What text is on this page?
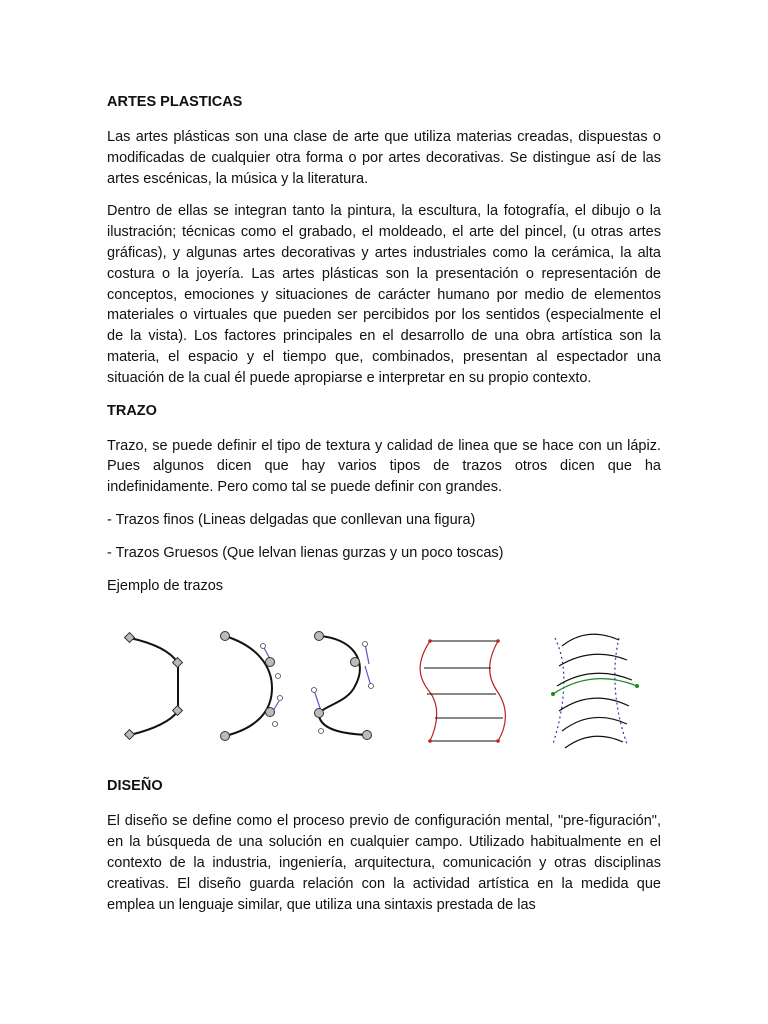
ARTES PLASTICAS

Las artes plásticas son una clase de arte que utiliza materias creadas, dispuestas o modificadas de cualquier otra forma o por artes decorativas. Se distingue así de las artes escénicas, la música y la literatura.

Dentro de ellas se integran tanto la pintura, la escultura, la fotografía, el dibujo o la ilustración; técnicas como el grabado, el moldeado, el arte del pincel, (u otras artes gráficas), y algunas artes decorativas y artes industriales como la cerámica, la alta costura o la joyería. Las artes plásticas son la presentación o representación de conceptos, emociones y situaciones de carácter humano por medio de elementos materiales o virtuales que pueden ser percibidos por los sentidos (especialmente el de la vista). Los factores principales en el desarrollo de una obra artística son la materia, el espacio y el tiempo que, combinados, presentan al espectador una situación de la cual él puede apropiarse e interpretar en su propio contexto.

TRAZO

Trazo, se puede definir el tipo de textura y calidad de linea que se hace con un lápiz. Pues algunos dicen que hay varios tipos de trazos otros dicen que ha indefinidamente. Pero como tal se puede definir con grandes.

- Trazos finos (Lineas delgadas que conllevan una figura)

- Trazos Gruesos (Que lelvan lienas gurzas y un poco toscas)

Ejemplo de trazos

DISEÑO

El diseño se define como el proceso previo de configuración mental, "pre-figuración", en la búsqueda de una solución en cualquier campo. Utilizado habitualmente en el contexto de la industria, ingeniería, arquitectura, comunicación y otras disciplinas creativas. El diseño guarda relación con la actividad artística en la medida que emplea un lenguaje similar, que utiliza una sintaxis prestada de las
